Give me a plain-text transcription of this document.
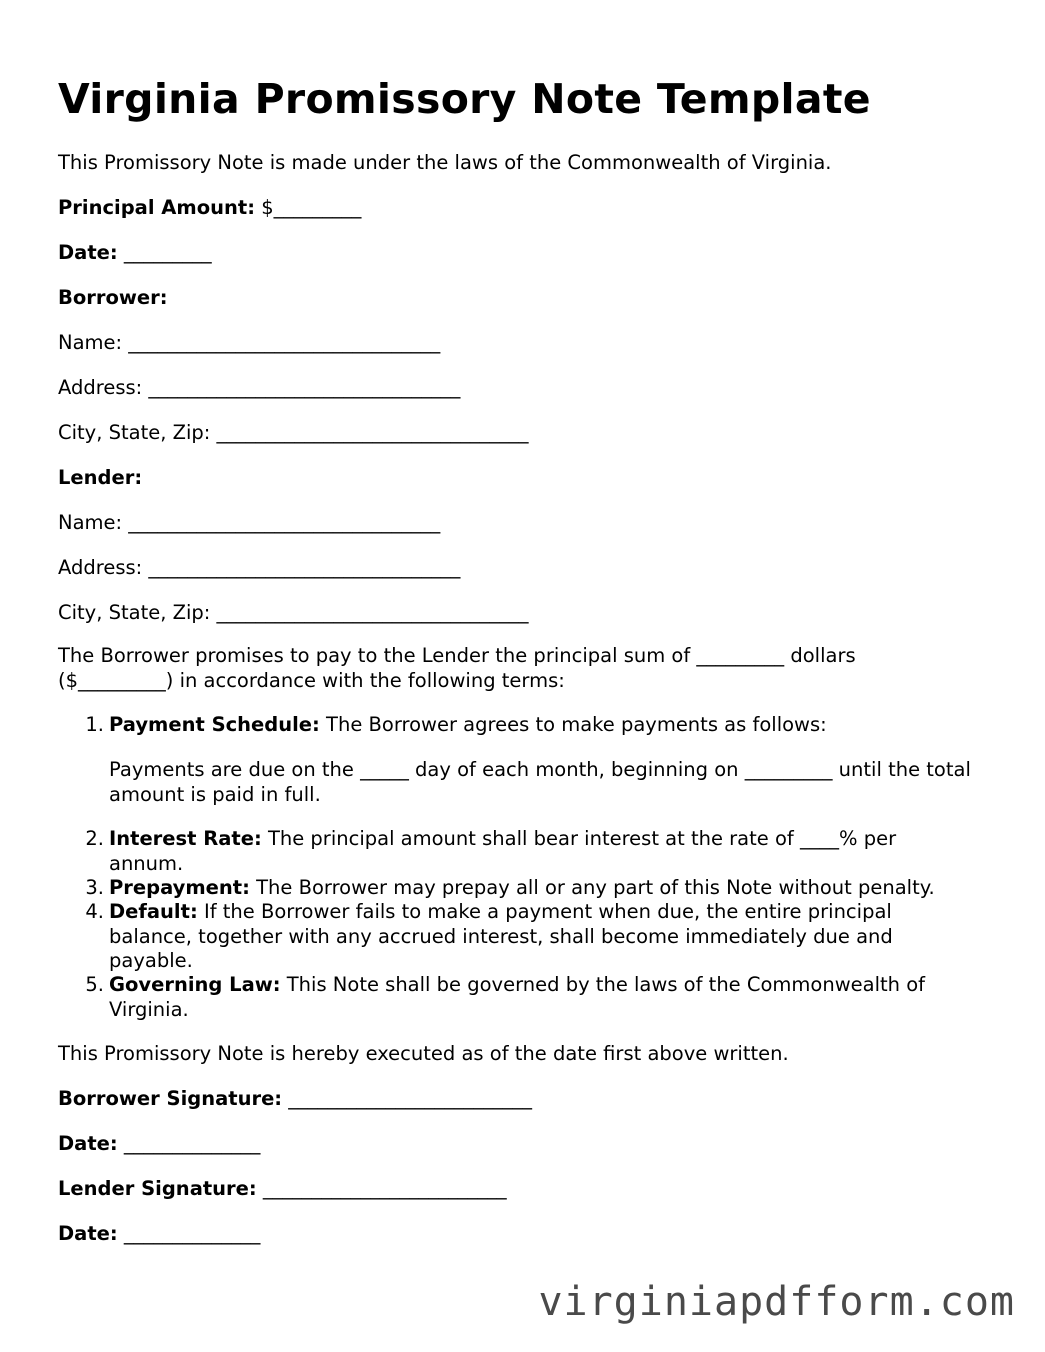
Virginia Promissory Note Template

This Promissory Note is made under the laws of the Commonwealth of Virginia.

Principal Amount: $_________

Date: _________

Borrower:

Name: ________________________________

Address: ________________________________

City, State, Zip: ________________________________

Lender:

Name: ________________________________

Address: ________________________________

City, State, Zip: ________________________________

The Borrower promises to pay to the Lender the principal sum of _________ dollars ($_________) in accordance with the following terms:

1. Payment Schedule: The Borrower agrees to make payments as follows:

Payments are due on the _____ day of each month, beginning on _________ until the total amount is paid in full.

2. Interest Rate: The principal amount shall bear interest at the rate of ____% per annum.

3. Prepayment: The Borrower may prepay all or any part of this Note without penalty.

4. Default: If the Borrower fails to make a payment when due, the entire principal balance, together with any accrued interest, shall become immediately due and payable.

5. Governing Law: This Note shall be governed by the laws of the Commonwealth of Virginia.

This Promissory Note is hereby executed as of the date first above written.

Borrower Signature: _________________________

Date: ______________

Lender Signature: _________________________

Date: ______________

virginiapdfform.com
